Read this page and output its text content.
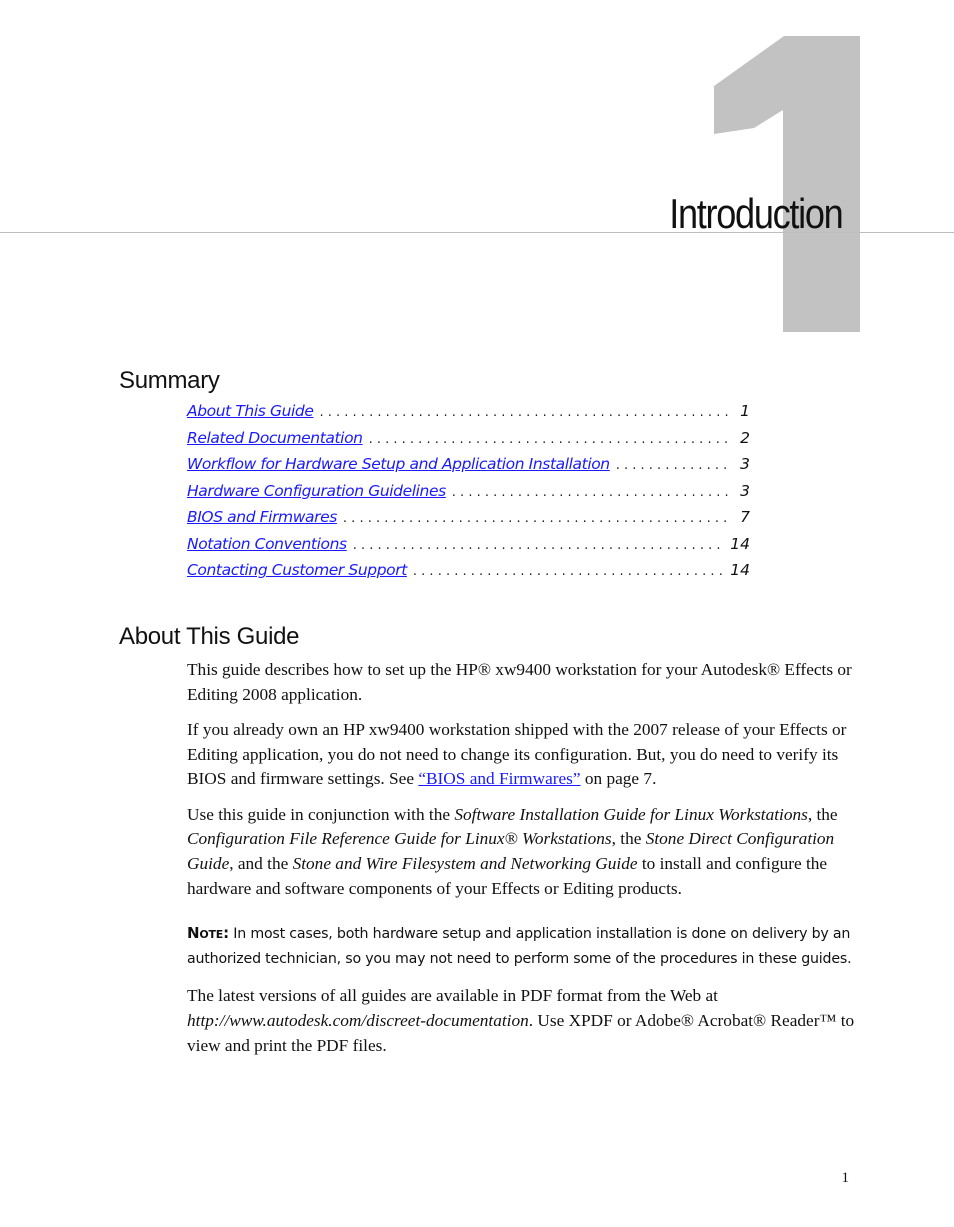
Introduction
Summary
About This Guide . . .	1
Related Documentation . . .	2
Workflow for Hardware Setup and Application Installation . . .	3
Hardware Configuration Guidelines . . .	3
BIOS and Firmwares . . .	7
Notation Conventions . . .	14
Contacting Customer Support . . .	14
About This Guide

This guide describes how to set up the HP® xw9400 workstation for your Autodesk® Effects or Editing 2008 application.

If you already own an HP xw9400 workstation shipped with the 2007 release of your Effects or Editing application, you do not need to change its configuration. But, you do need to verify its BIOS and firmware settings. See “BIOS and Firmwares” on page 7.

Use this guide in conjunction with the Software Installation Guide for Linux Workstations, the Configuration File Reference Guide for Linux® Workstations, the Stone Direct Configuration Guide, and the Stone and Wire Filesystem and Networking Guide to install and configure the hardware and software components of your Effects or Editing products.

Note: In most cases, both hardware setup and application installation is done on delivery by an authorized technician, so you may not need to perform some of the procedures in these guides.

The latest versions of all guides are available in PDF format from the Web at http://www.autodesk.com/discreet-documentation. Use XPDF or Adobe® Acrobat® Reader™ to view and print the PDF files.

1
